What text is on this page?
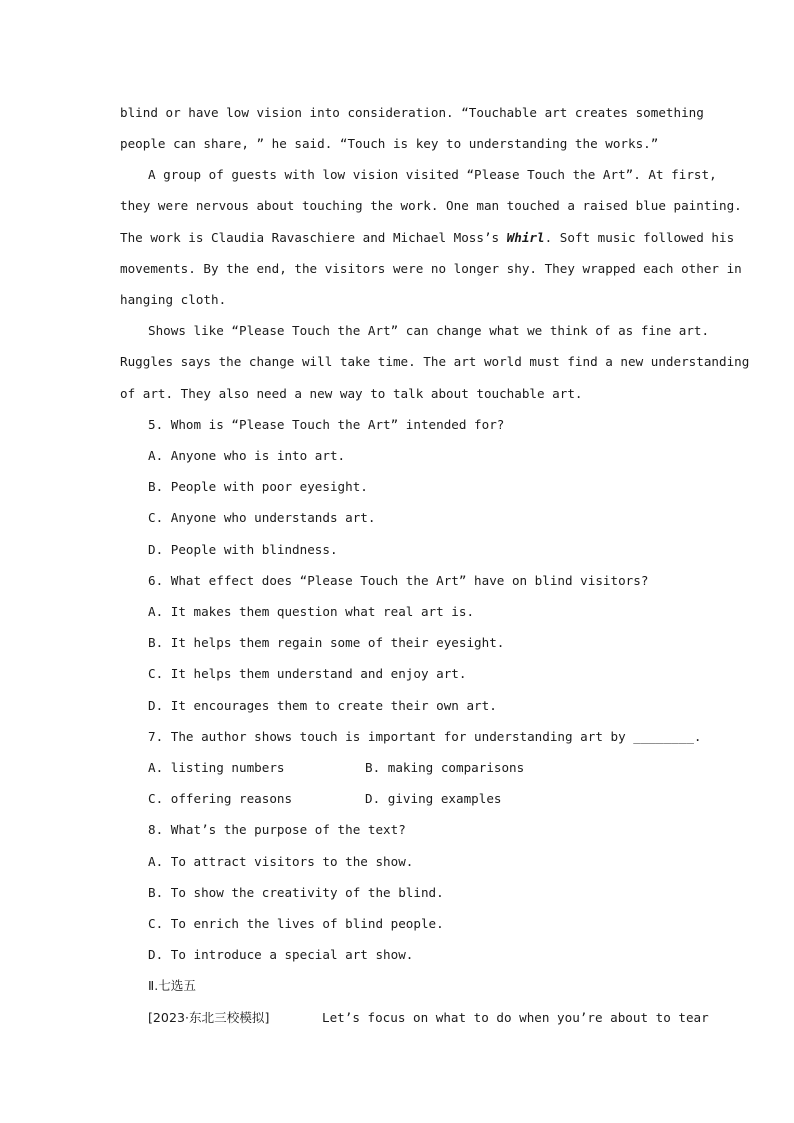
blind or have low vision into consideration. “Touchable art creates something
people can share, ” he said. “Touch is key to understanding the works.”
A group of guests with low vision visited “Please Touch the Art”. At first,
they were nervous about touching the work. One man touched a raised blue painting.
The work is Claudia Ravaschiere and Michael Moss’s Whirl. Soft music followed his
movements. By the end, the visitors were no longer shy. They wrapped each other in
hanging cloth.
Shows like “Please Touch the Art” can change what we think of as fine art.
Ruggles says the change will take time. The art world must find a new understanding
of art. They also need a new way to talk about touchable art.
5. Whom is “Please Touch the Art” intended for?
A. Anyone who is into art.
B. People with poor eyesight.
C. Anyone who understands art.
D. People with blindness.
6. What effect does “Please Touch the Art” have on blind visitors?
A. It makes them question what real art is.
B. It helps them regain some of their eyesight.
C. It helps them understand and enjoy art.
D. It encourages them to create their own art.
7. The author shows touch is important for understanding art by ________.
A. listing numbers	B. making comparisons
C. offering reasons	D. giving examples
8. What’s the purpose of the text?
A. To attract visitors to the show.
B. To show the creativity of the blind.
C. To enrich the lives of blind people.
D. To introduce a special art show.
Ⅱ.七选五
[2023·东北三校模拟]	Let’s focus on what to do when you’re about to tear
